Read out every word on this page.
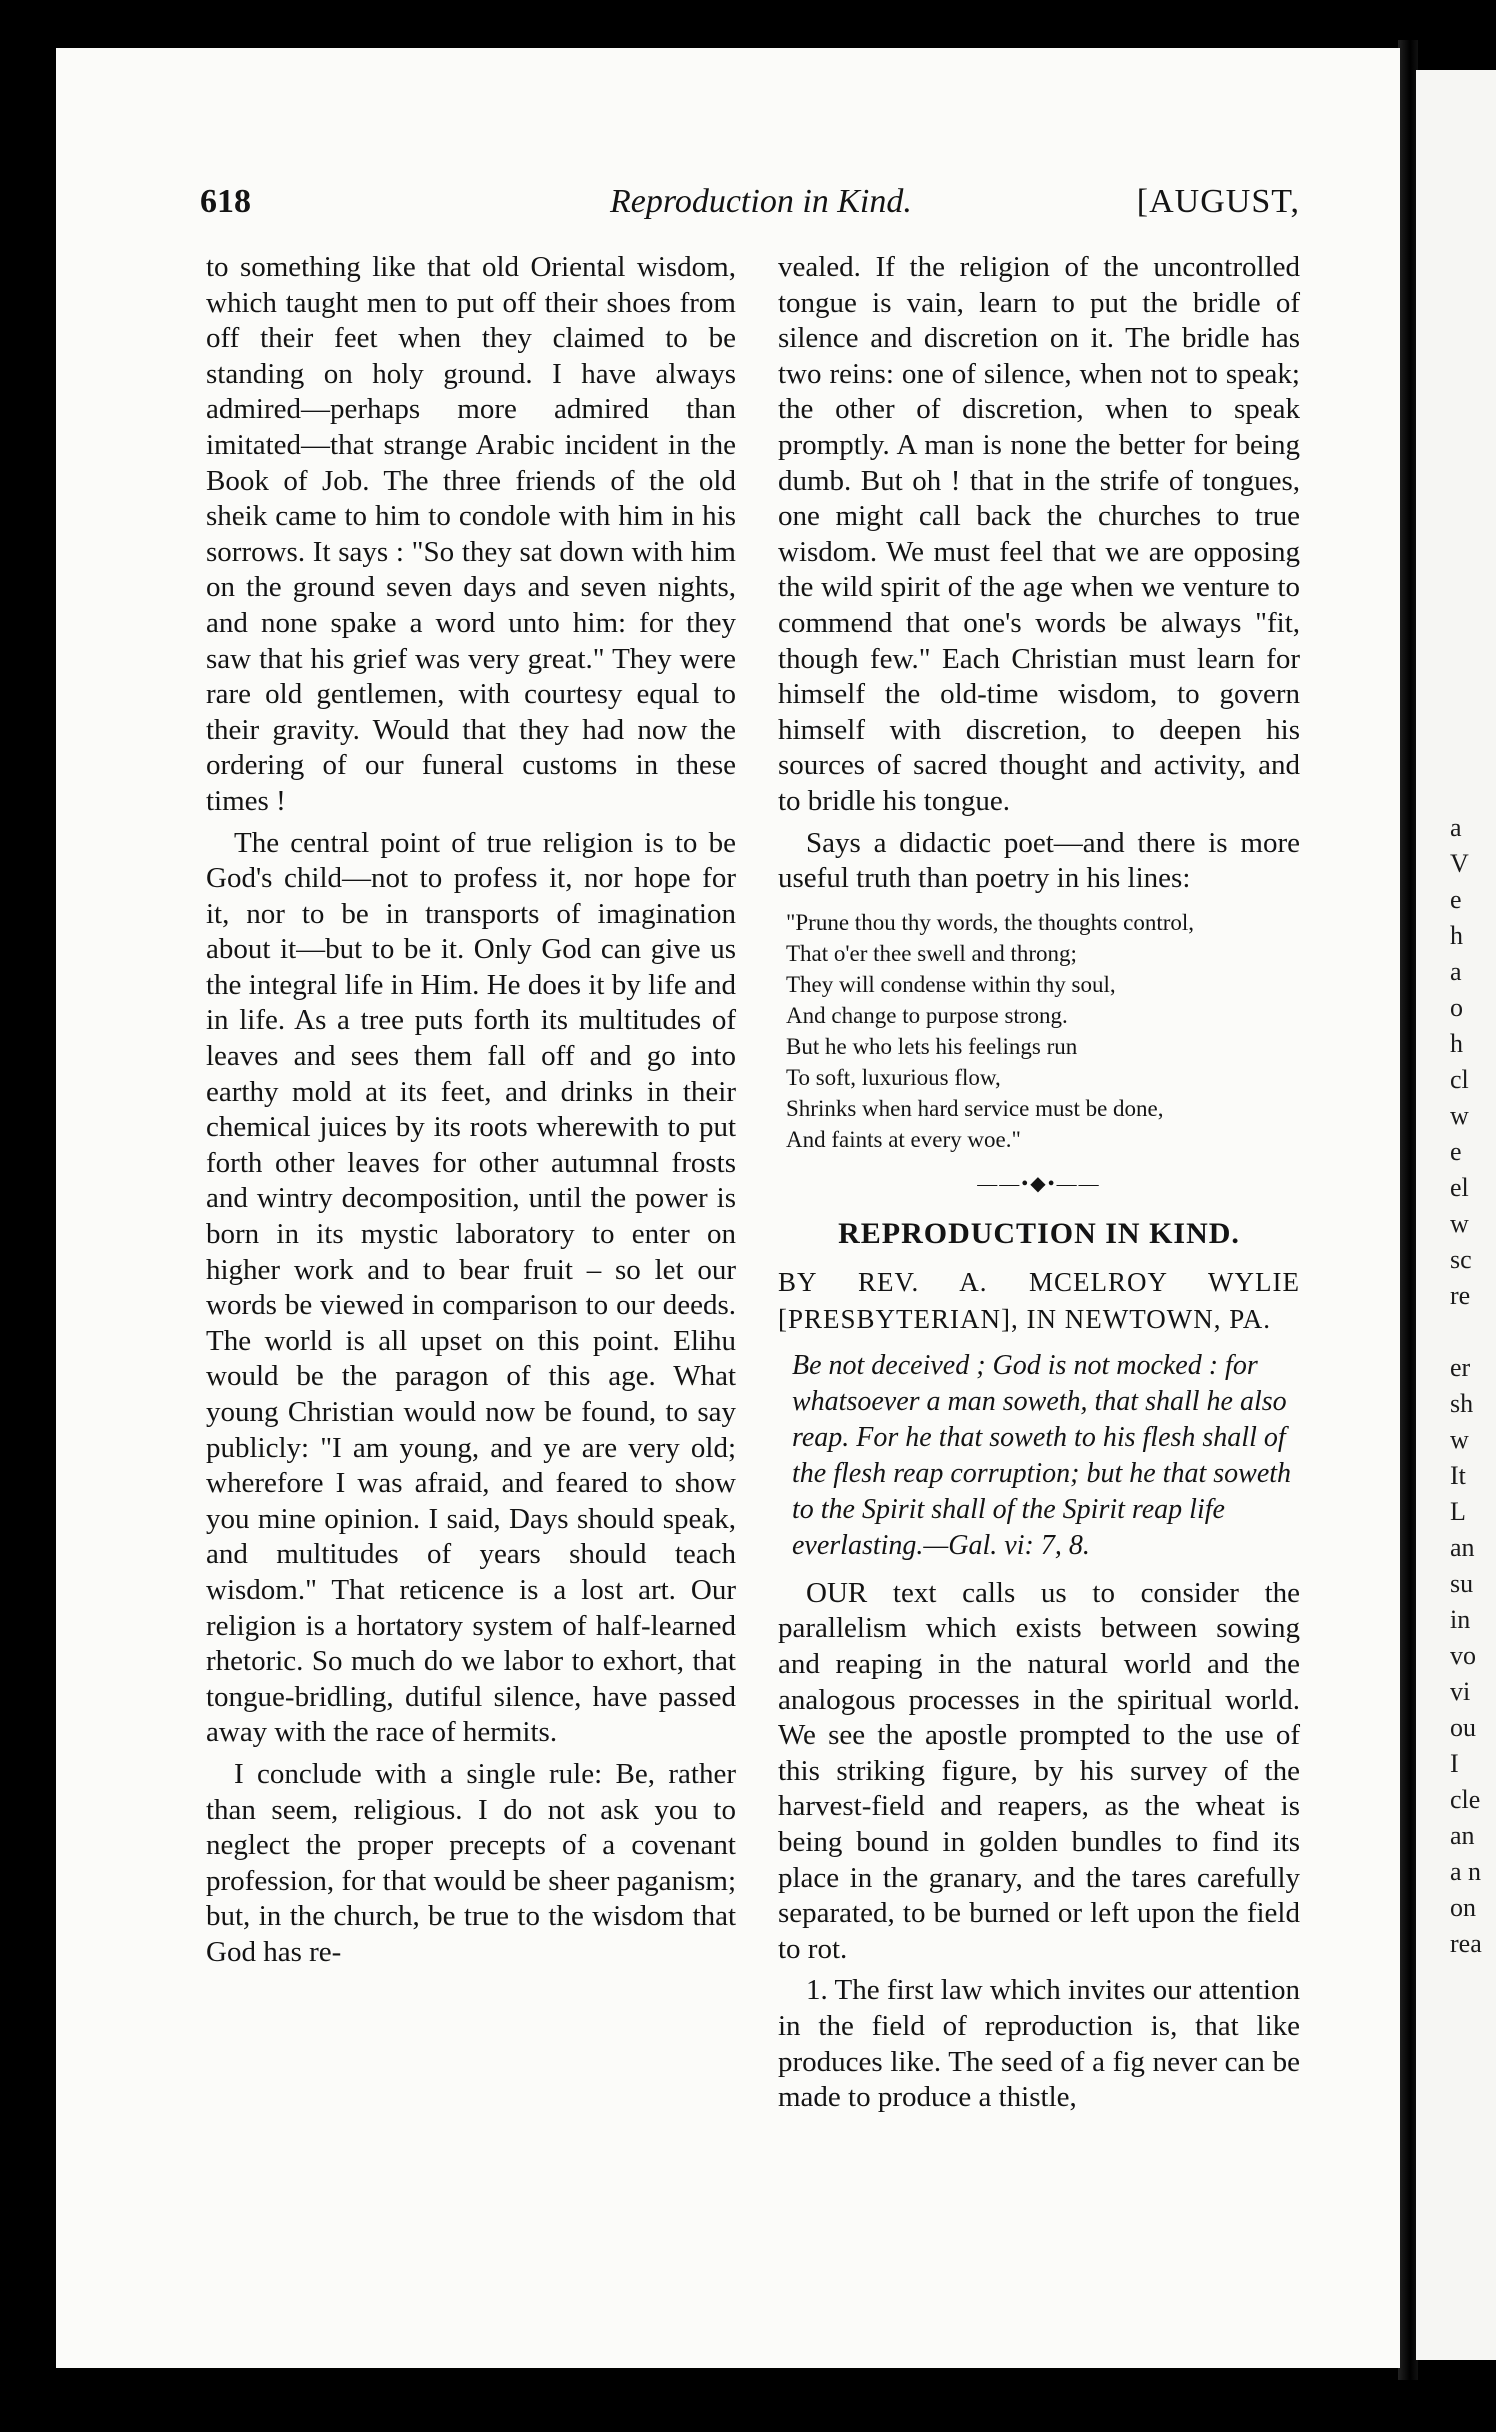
a
V
e
h
a
o
h
cl
w
e
el
w
sc
re

er
sh
w
It
L
an
su
in
vo
vi
ou
I
cle
an
a n
on
rea
618	Reproduction in Kind.	[AUGUST,

to something like that old Oriental wisdom, which taught men to put off their shoes from off their feet when they claimed to be standing on holy ground. I have always admired—perhaps more admired than imitated—that strange Arabic incident in the Book of Job. The three friends of the old sheik came to him to condole with him in his sorrows. It says : "So they sat down with him on the ground seven days and seven nights, and none spake a word unto him: for they saw that his grief was very great." They were rare old gentlemen, with courtesy equal to their gravity. Would that they had now the ordering of our funeral customs in these times !

The central point of true religion is to be God's child—not to profess it, nor hope for it, nor to be in transports of imagination about it—but to be it. Only God can give us the integral life in Him. He does it by life and in life. As a tree puts forth its multitudes of leaves and sees them fall off and go into earthy mold at its feet, and drinks in their chemical juices by its roots wherewith to put forth other leaves for other autumnal frosts and wintry decomposition, until the power is born in its mystic laboratory to enter on higher work and to bear fruit – so let our words be viewed in comparison to our deeds. The world is all upset on this point. Elihu would be the paragon of this age. What young Christian would now be found, to say publicly: "I am young, and ye are very old; wherefore I was afraid, and feared to show you mine opinion. I said, Days should speak, and multitudes of years should teach wisdom." That reticence is a lost art. Our religion is a hortatory system of half-learned rhetoric. So much do we labor to exhort, that tongue-bridling, dutiful silence, have passed away with the race of hermits.

I conclude with a single rule: Be, rather than seem, religious. I do not ask you to neglect the proper precepts of a covenant profession, for that would be sheer paganism; but, in the church, be true to the wisdom that God has re-

vealed. If the religion of the uncontrolled tongue is vain, learn to put the bridle of silence and discretion on it. The bridle has two reins: one of silence, when not to speak; the other of discretion, when to speak promptly. A man is none the better for being dumb. But oh ! that in the strife of tongues, one might call back the churches to true wisdom. We must feel that we are opposing the wild spirit of the age when we venture to commend that one's words be always "fit, though few." Each Christian must learn for himself the old-time wisdom, to govern himself with discretion, to deepen his sources of sacred thought and activity, and to bridle his tongue.

Says a didactic poet—and there is more useful truth than poetry in his lines:

"Prune thou thy words, the thoughts control,
That o'er thee swell and throng;
They will condense within thy soul,
And change to purpose strong.
But he who lets his feelings run
To soft, luxurious flow,
Shrinks when hard service must be done,
And faints at every woe."
——•◆•——
REPRODUCTION IN KIND.
BY REV. A. MCELROY WYLIE [PRESBYTERIAN], IN NEWTOWN, PA.
Be not deceived ; God is not mocked : for whatsoever a man soweth, that shall he also reap. For he that soweth to his flesh shall of the flesh reap corruption; but he that soweth to the Spirit shall of the Spirit reap life everlasting.—Gal. vi: 7, 8.

OUR text calls us to consider the parallelism which exists between sowing and reaping in the natural world and the analogous processes in the spiritual world. We see the apostle prompted to the use of this striking figure, by his survey of the harvest-field and reapers, as the wheat is being bound in golden bundles to find its place in the granary, and the tares carefully separated, to be burned or left upon the field to rot.

1. The first law which invites our attention in the field of reproduction is, that like produces like. The seed of a fig never can be made to produce a thistle,
